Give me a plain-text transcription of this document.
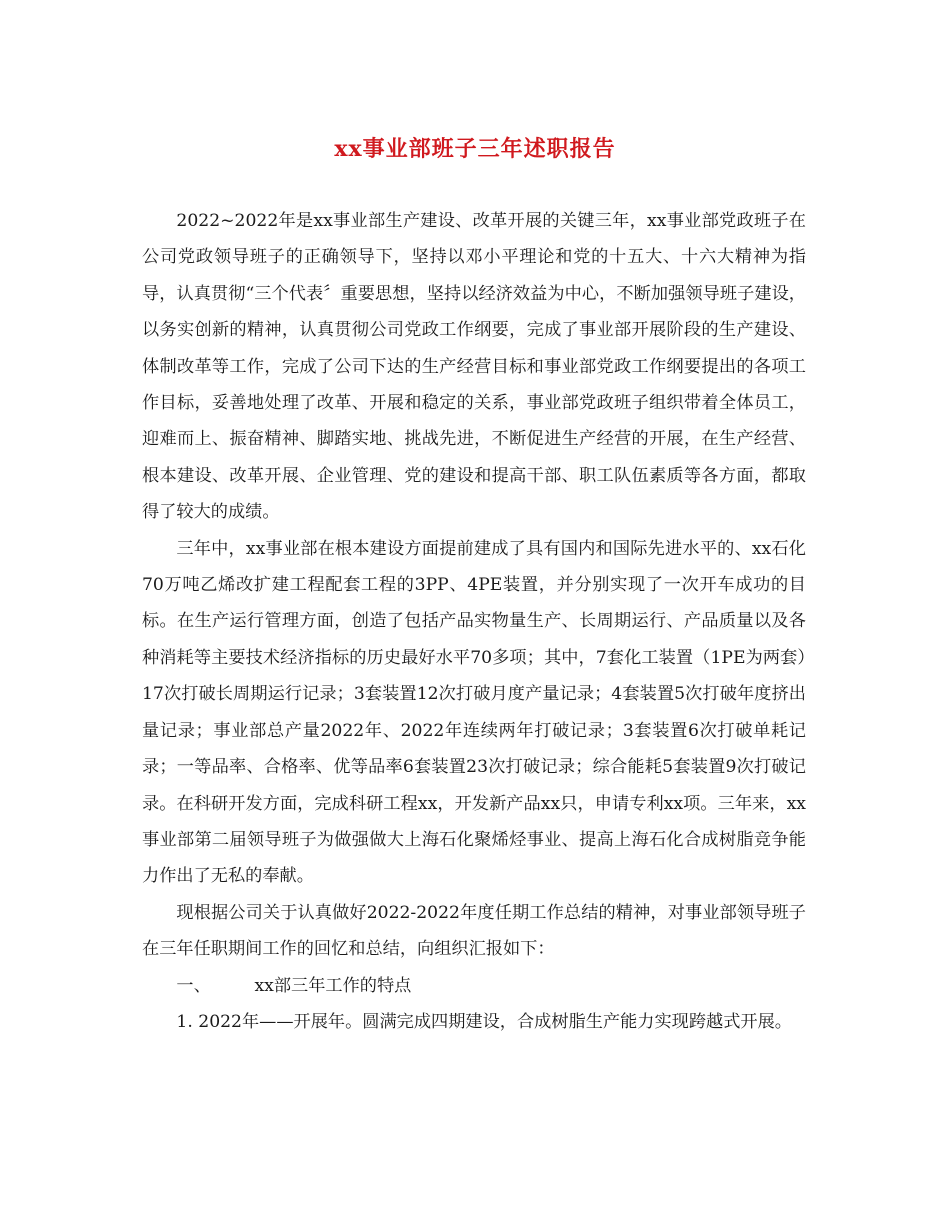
xx事业部班子三年述职报告

2022~2022年是xx事业部生产建设、改革开展的关键三年，xx事业部党政班子在公司党政领导班子的正确领导下，坚持以邓小平理论和党的十五大、十六大精神为指导，认真贯彻“三个代表〞重要思想，坚持以经济效益为中心，不断加强领导班子建设，以务实创新的精神，认真贯彻公司党政工作纲要，完成了事业部开展阶段的生产建设、体制改革等工作，完成了公司下达的生产经营目标和事业部党政工作纲要提出的各项工作目标，妥善地处理了改革、开展和稳定的关系，事业部党政班子组织带着全体员工，迎难而上、振奋精神、脚踏实地、挑战先进，不断促进生产经营的开展，在生产经营、根本建设、改革开展、企业管理、党的建设和提高干部、职工队伍素质等各方面，都取得了较大的成绩。

三年中，xx事业部在根本建设方面提前建成了具有国内和国际先进水平的、xx石化70万吨乙烯改扩建工程配套工程的3PP、4PE装置，并分别实现了一次开车成功的目标。在生产运行管理方面，创造了包括产品实物量生产、长周期运行、产品质量以及各种消耗等主要技术经济指标的历史最好水平70多项；其中，7套化工装置（1PE为两套）17次打破长周期运行记录；3套装置12次打破月度产量记录；4套装置5次打破年度挤出量记录；事业部总产量2022年、2022年连续两年打破记录；3套装置6次打破单耗记录；一等品率、合格率、优等品率6套装置23次打破记录；综合能耗5套装置9次打破记录。在科研开发方面，完成科研工程xx，开发新产品xx只，申请专利xx项。三年来，xx事业部第二届领导班子为做强做大上海石化聚烯烃事业、提高上海石化合成树脂竞争能力作出了无私的奉献。

现根据公司关于认真做好2022-2022年度任期工作总结的精神，对事业部领导班子在三年任职期间工作的回忆和总结，向组织汇报如下：

一、        xx部三年工作的特点

1. 2022年——开展年。圆满完成四期建设，合成树脂生产能力实现跨越式开展。
